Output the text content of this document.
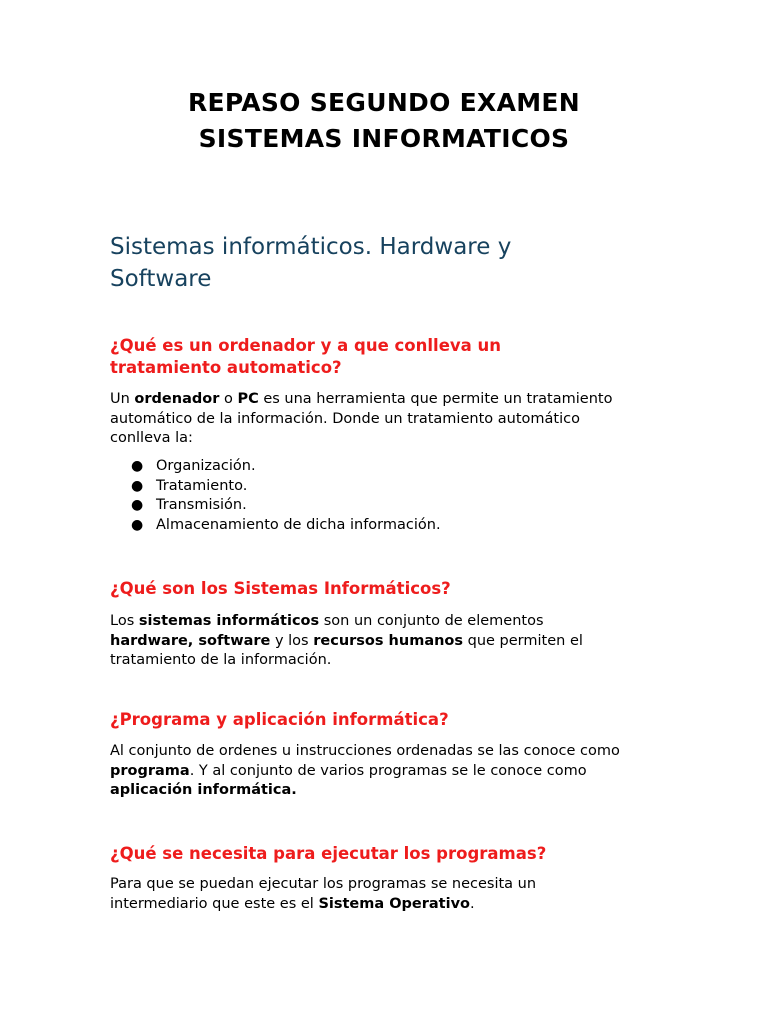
REPASO SEGUNDO EXAMEN
SISTEMAS INFORMATICOS
Sistemas informáticos. Hardware y
Software
¿Qué es un ordenador y a que conlleva un
tratamiento automatico?
Un ordenador o PC es una herramienta que permite un tratamiento
automático de la información. Donde un tratamiento automático
conlleva la:
● Organización.
● Tratamiento.
● Transmisión.
● Almacenamiento de dicha información.
¿Qué son los Sistemas Informáticos?
Los sistemas informáticos son un conjunto de elementos
hardware, software y los recursos humanos que permiten el
tratamiento de la información.
¿Programa y aplicación informática?
Al conjunto de ordenes u instrucciones ordenadas se las conoce como
programa. Y al conjunto de varios programas se le conoce como
aplicación informática.
¿Qué se necesita para ejecutar los programas?
Para que se puedan ejecutar los programas se necesita un
intermediario que este es el Sistema Operativo.
